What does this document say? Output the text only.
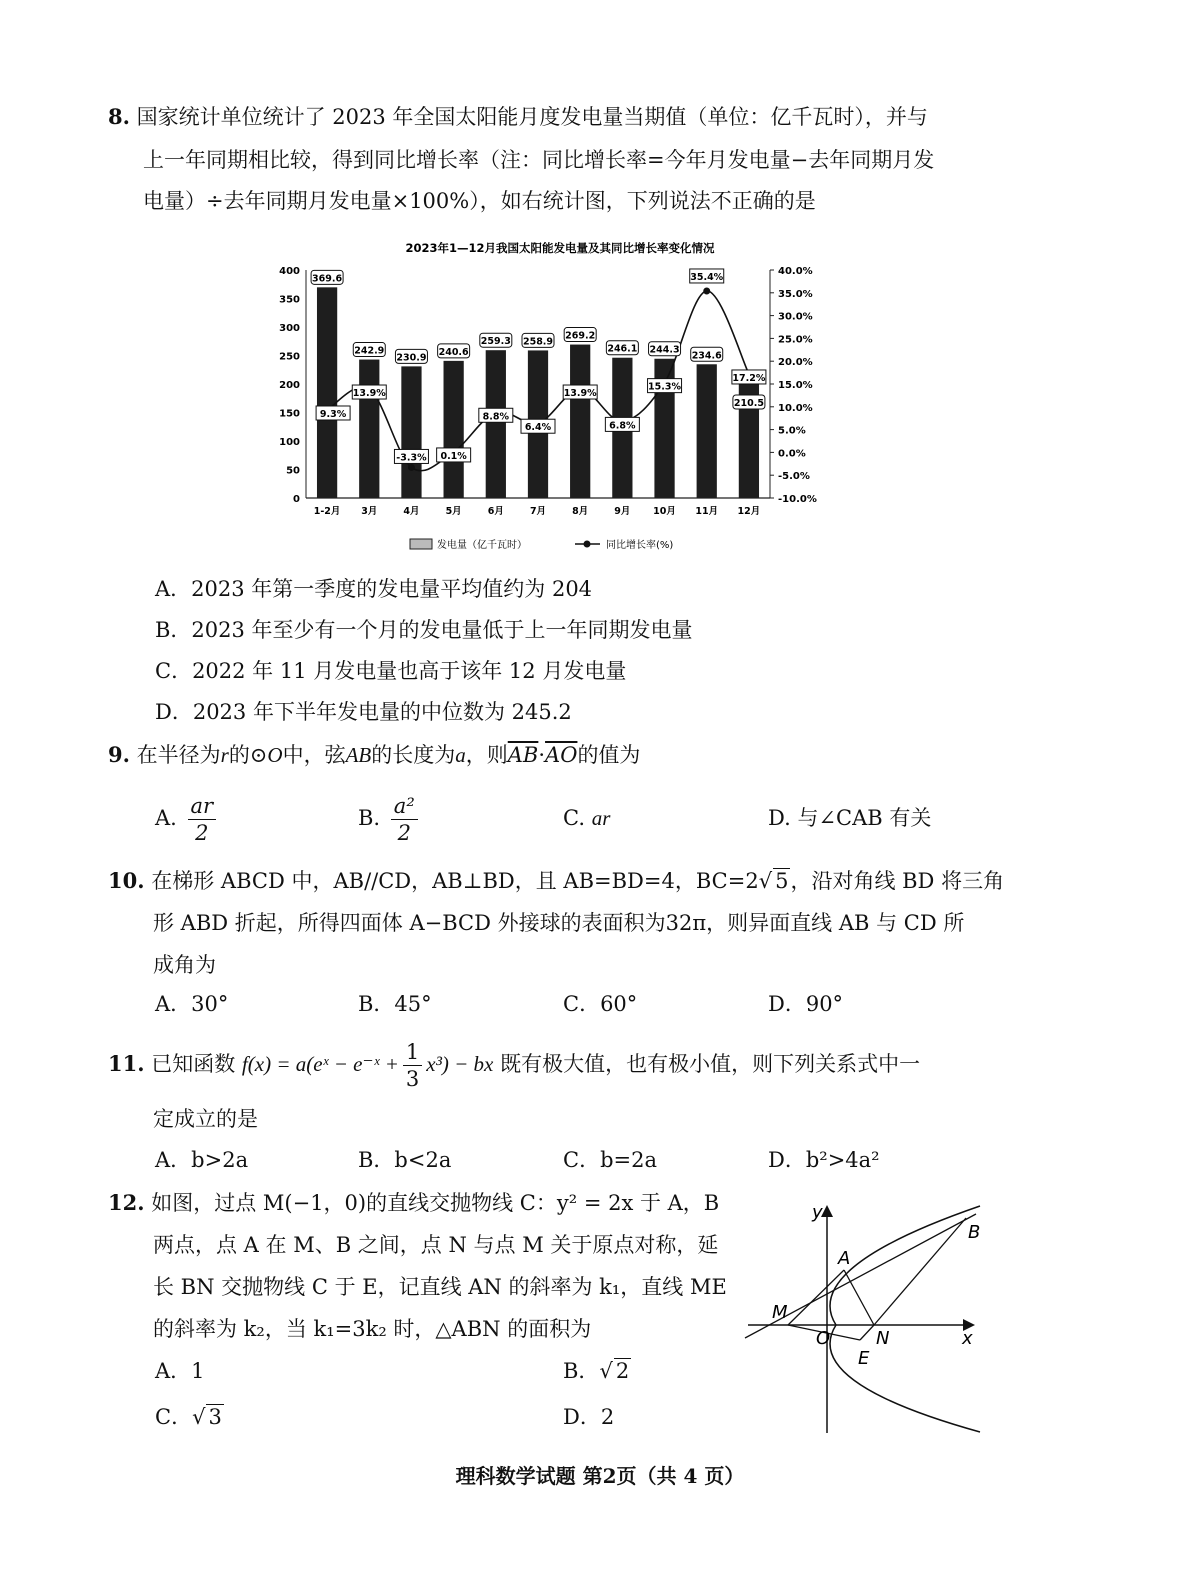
8. 国家统计单位统计了 2023 年全国太阳能月度发电量当期值（单位：亿千瓦时），并与
上一年同期相比较，得到同比增长率（注：同比增长率=今年月发电量−去年同期月发
电量）÷去年同期月发电量×100%），如右统计图，下列说法不正确的是
2023年1—12月我国太阳能发电量及其同比增长率变化情况
400
350
300
250
200
150
100
50
0
40.0%
35.0%
30.0%
25.0%
20.0%
15.0%
10.0%
5.0%
0.0%
-5.0%
-10.0%
369.6
242.9
230.9
240.6
259.3 258.9
269.2
246.1 244.3
234.6
210.5
9.3%
13.9%
-3.3% 0.1%
8.8%
6.4%
13.9%
6.8%
15.3%
35.4%
17.2%
1-2月 3月	4月	5月	6月	7月	8月	9月 10月 11月 12月
发电量（亿千瓦时）	同比增长率(%)
A．2023 年第一季度的发电量平均值约为 204
B．2023 年至少有一个月的发电量低于上一年同期发电量
C．2022 年 11 月发电量也高于该年 12 月发电量
D．2023 年下半年发电量的中位数为 245.2
9. 在半径为r的⊙O中，弦AB的长度为a，则$\overline{AB}\cdot\overline{AO}$的值为
A. $\frac{ar}{2}$	B. $\frac{\text{a²}}{2}$	C. ar	D. 与∠CAB 有关
10. 在梯形 ABCD 中，AB//CD，AB⊥BD，且 AB=BD=4，BC=2√ 5，沿对角线 BD 将三角
形 ABD 折起，所得四面体 A−BCD 外接球的表面积为32π，则异面直线 AB 与 CD 所
成角为
A．30°	B．45°	C．60°	D．90°
11. 已知函数 f(x) = a(eˣ − e⁻ˣ + $\frac{1}{3} x^3$) − bx 既有极大值，也有极小值，则下列关系式中一
定成立的是
A．b>2a	B．b<2a	C．b=2a	D．b²>4a²
12. 如图，过点 M(−1，0)的直线交抛物线 C：y² = 2x 于 A，B
两点，点 A 在 M、B 之间，点 N 与点 M 关于原点对称，延
长 BN 交抛物线 C 于 E，记直线 AN 的斜率为 k₁，直线 ME
的斜率为 k₂，当 k₁=3k₂ 时，△ABN 的面积为
A．1	B．√ 2
C．√ 3	D．2
y
x
B
A
M
O	N
E
理科数学试题 第2页（共 4 页）
